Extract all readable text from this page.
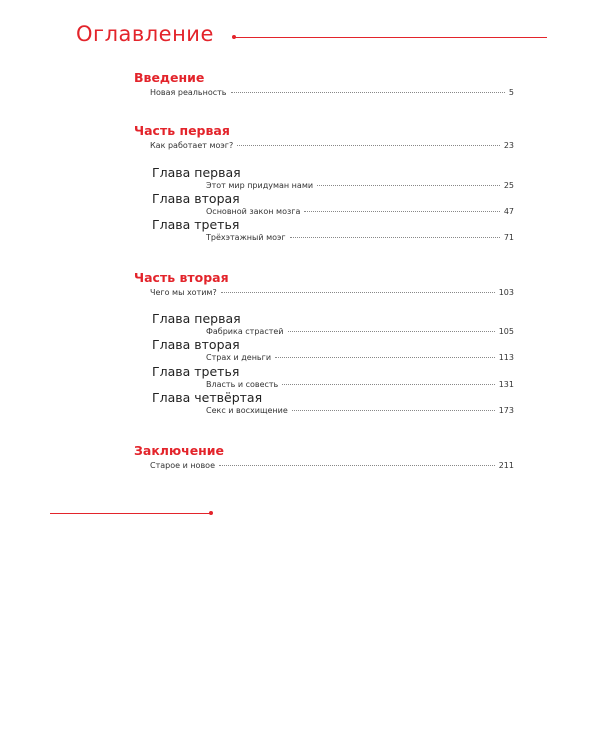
Оглавление
Введение
Новая реальность	5
Часть первая
Как работает моэг?	23
Глава первая
Этот мир придуман нами	25
Глава вторая
Основной закон мозга	47
Глава третья
Трёхэтажный моэг	71
Часть вторая
Чего мы хотим?	103
Глава первая
Фабрика страстей	105
Глава вторая
Страх и деньги	113
Глава третья
Власть и совесть	131
Глава четвёртая
Секс и восхищение	173
Заключение
Старое и новое	211
